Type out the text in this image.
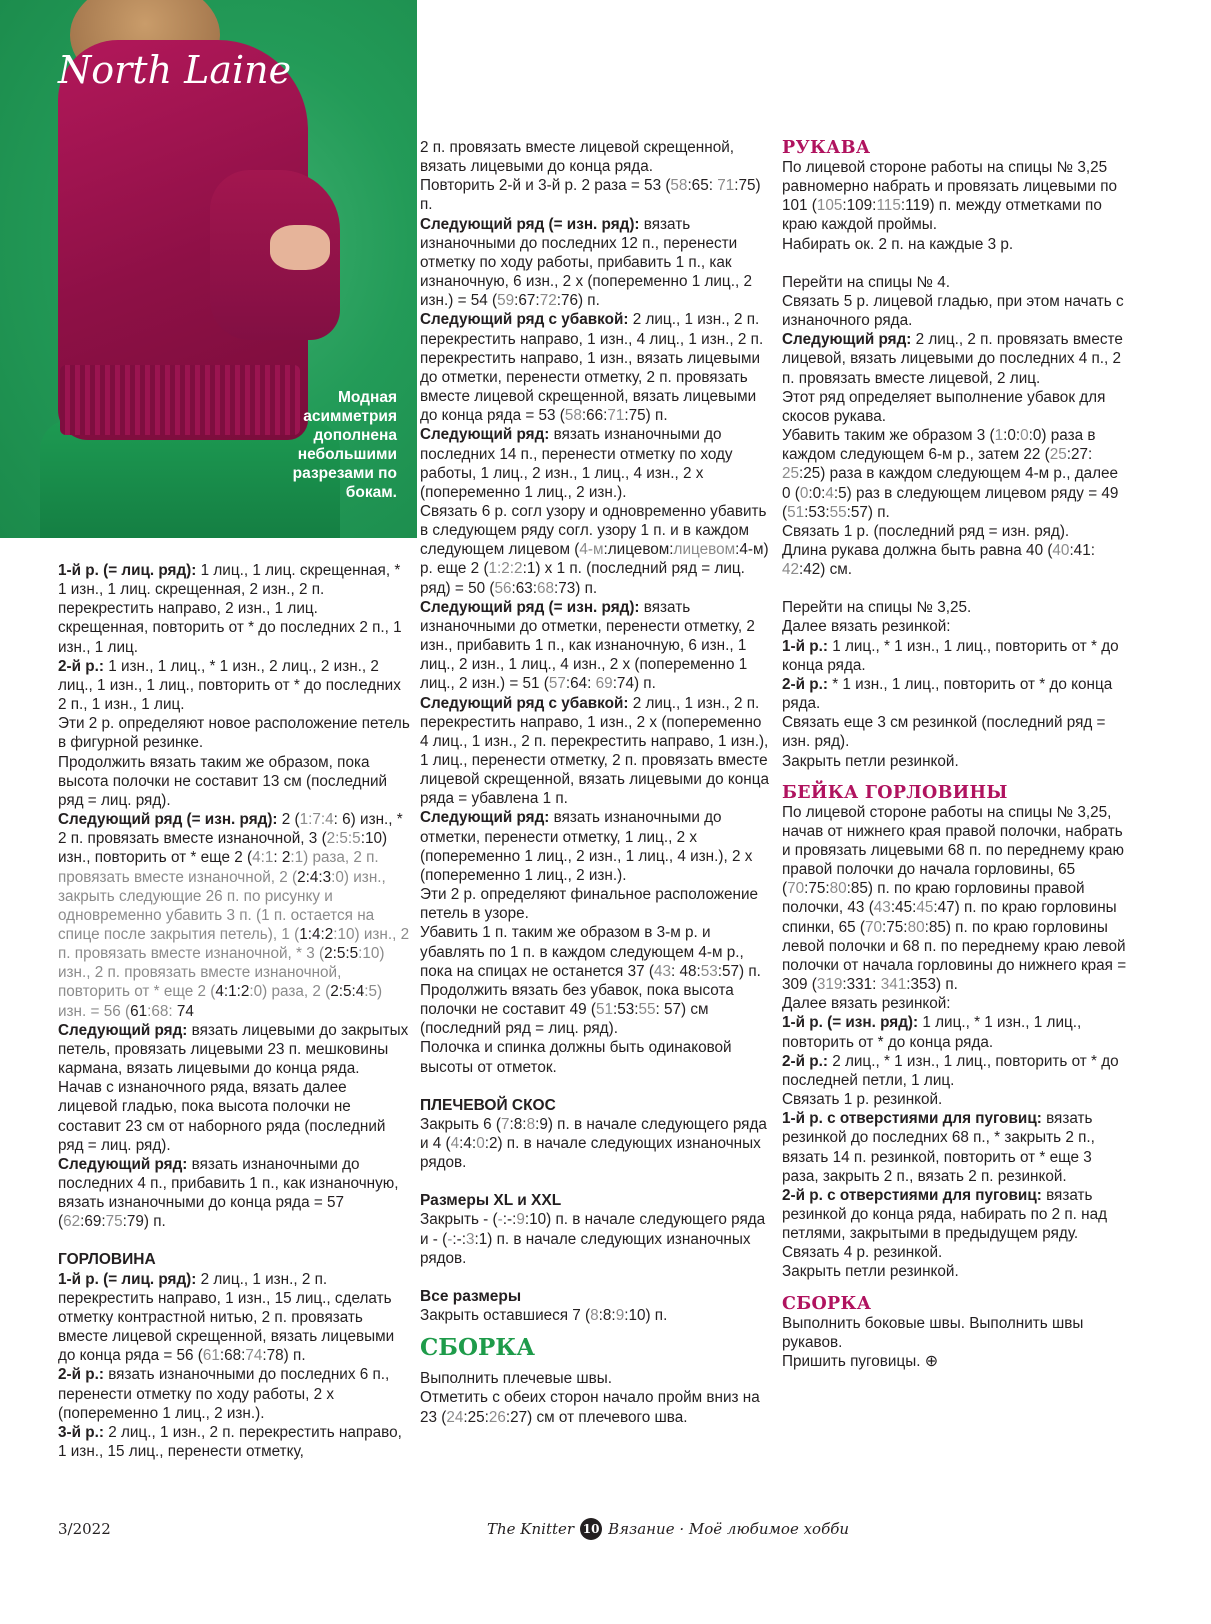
North Laine

Модная асимметрия дополнена небольшими разрезами по бокам.

1-й р. (= лиц. ряд): 1 лиц., 1 лиц. скрещенная, * 1 изн., 1 лиц. скрещенная, 2 изн., 2 п. перекрестить направо, 2 изн., 1 лиц. скрещенная, повторить от * до последних 2 п., 1 изн., 1 лиц.

2-й р.: 1 изн., 1 лиц., * 1 изн., 2 лиц., 2 изн., 2 лиц., 1 изн., 1 лиц., повторить от * до последних 2 п., 1 изн., 1 лиц.

Эти 2 р. определяют новое расположение петель в фигурной резинке.

Продолжить вязать таким же образом, пока высота полочки не составит 13 см (последний ряд = лиц. ряд).

Следующий ряд (= изн. ряд): 2 (1:7:4: 6) изн., * 2 п. провязать вместе изнаночной, 3 (2:5:5:10) изн., повторить от * еще 2 (4:1: 2:1) раза, 2 п. провязать вместе изнаночной, 2 (2:4:3:0) изн., закрыть следующие 26 п. по рисунку и одновременно убавить 3 п. (1 п. остается на спице после закрытия петель), 1 (1:4:2:10) изн., 2 п. провязать вместе изнаночной, * 3 (2:5:5:10) изн., 2 п. провязать вместе изнаночной, повторить от * еще 2 (4:1:2:0) раза, 2 (2:5:4:5) изн. = 56 (61:68: 74

Следующий ряд: вязать лицевыми до закрытых петель, провязать лицевыми 23 п. мешковины кармана, вязать лицевыми до конца ряда.

Начав с изнаночного ряда, вязать далее лицевой гладью, пока высота полочки не составит 23 см от наборного ряда (последний ряд = лиц. ряд).

Следующий ряд: вязать изнаночными до последних 4 п., прибавить 1 п., как изнаночную, вязать изнаночными до конца ряда = 57 (62:69:75:79) п.

ГОРЛОВИНА

1-й р. (= лиц. ряд): 2 лиц., 1 изн., 2 п. перекрестить направо, 1 изн., 15 лиц., сделать отметку контрастной нитью, 2 п. провязать вместе лицевой скрещенной, вязать лицевыми до конца ряда = 56 (61:68:74:78) п.

2-й р.: вязать изнаночными до последних 6 п., перенести отметку по ходу работы, 2 х (попеременно 1 лиц., 2 изн.).

3-й р.: 2 лиц., 1 изн., 2 п. перекрестить направо, 1 изн., 15 лиц., перенести отметку,

2 п. провязать вместе лицевой скрещенной, вязать лицевыми до конца ряда.

Повторить 2-й и 3-й р. 2 раза = 53 (58:65: 71:75) п.

Следующий ряд (= изн. ряд): вязать изнаночными до последних 12 п., перенести отметку по ходу работы, прибавить 1 п., как изнаночную, 6 изн., 2 х (попеременно 1 лиц., 2 изн.) = 54 (59:67:72:76) п.

Следующий ряд с убавкой: 2 лиц., 1 изн., 2 п. перекрестить направо, 1 изн., 4 лиц., 1 изн., 2 п. перекрестить направо, 1 изн., вязать лицевыми до отметки, перенести отметку, 2 п. провязать вместе лицевой скрещенной, вязать лицевыми до конца ряда = 53 (58:66:71:75) п.

Следующий ряд: вязать изнаночными до последних 14 п., перенести отметку по ходу работы, 1 лиц., 2 изн., 1 лиц., 4 изн., 2 х (попеременно 1 лиц., 2 изн.).

Связать 6 р. согл узору и одновременно убавить в следующем ряду согл. узору 1 п. и в каждом следующем лицевом (4-м:лицевом:лицевом:4-м) р. еще 2 (1:2:2:1) х 1 п. (последний ряд = лиц. ряд) = 50 (56:63:68:73) п.

Следующий ряд (= изн. ряд): вязать изнаночными до отметки, перенести отметку, 2 изн., прибавить 1 п., как изнаночную, 6 изн., 1 лиц., 2 изн., 1 лиц., 4 изн., 2 х (попеременно 1 лиц., 2 изн.) = 51 (57:64: 69:74) п.

Следующий ряд с убавкой: 2 лиц., 1 изн., 2 п. перекрестить направо, 1 изн., 2 х (попеременно 4 лиц., 1 изн., 2 п. перекрестить направо, 1 изн.), 1 лиц., перенести отметку, 2 п. провязать вместе лицевой скрещенной, вязать лицевыми до конца ряда = убавлена 1 п.

Следующий ряд: вязать изнаночными до отметки, перенести отметку, 1 лиц., 2 х (попеременно 1 лиц., 2 изн., 1 лиц., 4 изн.), 2 х (попеременно 1 лиц., 2 изн.).

Эти 2 р. определяют финальное расположение петель в узоре.

Убавить 1 п. таким же образом в 3-м р. и убавлять по 1 п. в каждом следующем 4-м р., пока на спицах не останется 37 (43: 48:53:57) п.

Продолжить вязать без убавок, пока высота полочки не составит 49 (51:53:55: 57) см (последний ряд = лиц. ряд).

Полочка и спинка должны быть одинаковой высоты от отметок.

ПЛЕЧЕВОЙ СКОС

Закрыть 6 (7:8:8:9) п. в начале следующего ряда и 4 (4:4:0:2) п. в начале следующих изнаночных рядов.

Размеры XL и XXL

Закрыть - (-:-:9:10) п. в начале следующего ряда и - (-:-:3:1) п. в начале следующих изнаночных рядов.

Все размеры

Закрыть оставшиеся 7 (8:8:9:10) п.

СБОРКА

Выполнить плечевые швы.

Отметить с обеих сторон начало пройм вниз на 23 (24:25:26:27) см от плечевого шва.

РУКАВА

По лицевой стороне работы на спицы № 3,25 равномерно набрать и провязать лицевыми по 101 (105:109:115:119) п. между отметками по краю каждой проймы.

Набирать ок. 2 п. на каждые 3 р.

Перейти на спицы № 4.

Связать 5 р. лицевой гладью, при этом начать с изнаночного ряда.

Следующий ряд: 2 лиц., 2 п. провязать вместе лицевой, вязать лицевыми до последних 4 п., 2 п. провязать вместе лицевой, 2 лиц.

Этот ряд определяет выполнение убавок для скосов рукава.

Убавить таким же образом 3 (1:0:0:0) раза в каждом следующем 6-м р., затем 22 (25:27: 25:25) раза в каждом следующем 4-м р., далее 0 (0:0:4:5) раз в следующем лицевом ряду = 49 (51:53:55:57) п.

Связать 1 р. (последний ряд = изн. ряд).

Длина рукава должна быть равна 40 (40:41: 42:42) см.

Перейти на спицы № 3,25.

Далее вязать резинкой:

1-й р.: 1 лиц., * 1 изн., 1 лиц., повторить от * до конца ряда.

2-й р.: * 1 изн., 1 лиц., повторить от * до конца ряда.

Связать еще 3 см резинкой (последний ряд = изн. ряд).

Закрыть петли резинкой.

БЕЙКА ГОРЛОВИНЫ

По лицевой стороне работы на спицы № 3,25, начав от нижнего края правой полочки, набрать и провязать лицевыми 68 п. по переднему краю правой полочки до начала горловины, 65 (70:75:80:85) п. по краю горловины правой полочки, 43 (43:45:45:47) п. по краю горловины спинки, 65 (70:75:80:85) п. по краю горловины левой полочки и 68 п. по переднему краю левой полочки от начала горловины до нижнего края = 309 (319:331: 341:353) п.

Далее вязать резинкой:

1-й р. (= изн. ряд): 1 лиц., * 1 изн., 1 лиц., повторить от * до конца ряда.

2-й р.: 2 лиц., * 1 изн., 1 лиц., повторить от * до последней петли, 1 лиц.

Связать 1 р. резинкой.

1-й р. с отверстиями для пуговиц: вязать резинкой до последних 68 п., * закрыть 2 п., вязать 14 п. резинкой, повторить от * еще 3 раза, закрыть 2 п., вязать 2 п. резинкой.

2-й р. с отверстиями для пуговиц: вязать резинкой до конца ряда, набирать по 2 п. над петлями, закрытыми в предыдущем ряду.

Связать 4 р. резинкой.

Закрыть петли резинкой.

СБОРКА

Выполнить боковые швы. Выполнить швы рукавов.

Пришить пуговицы. ⊕

3/2022	The Knitter 10 Вязание · Моё любимое хобби
